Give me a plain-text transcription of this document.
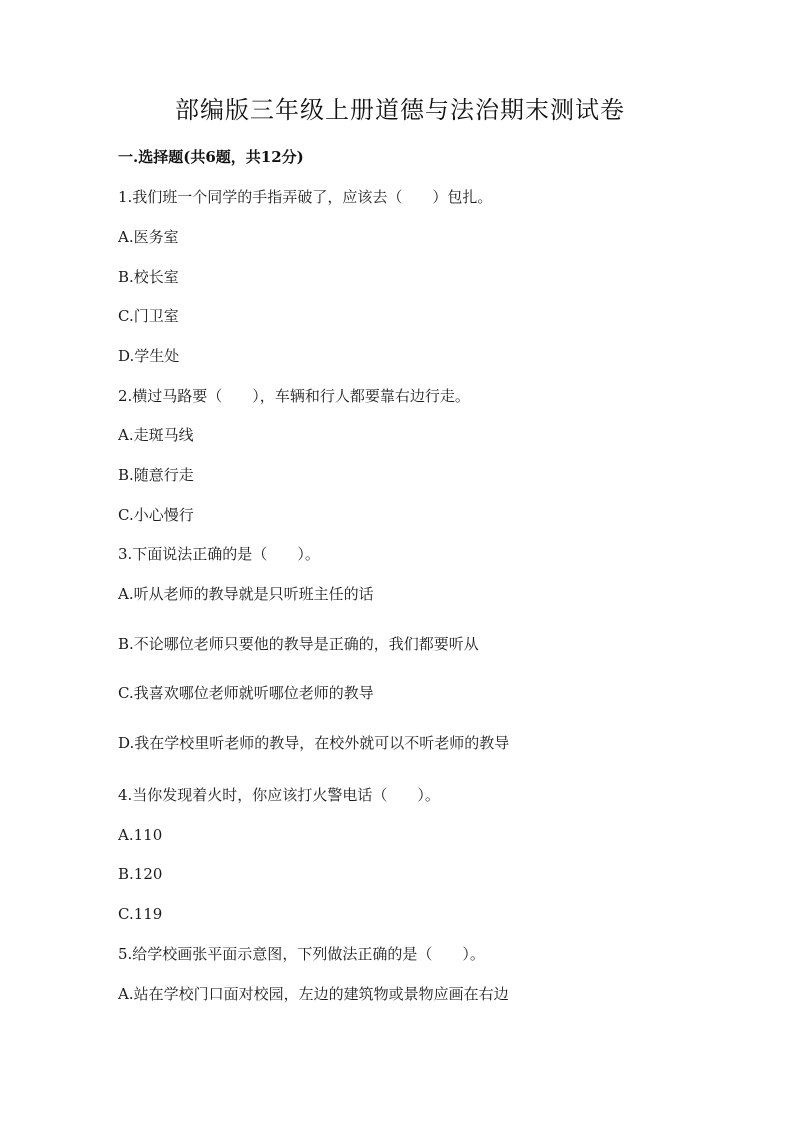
部编版三年级上册道德与法治期末测试卷
一.选择题(共6题，共12分)
1.我们班一个同学的手指弄破了，应该去（　　）包扎。
A.医务室
B.校长室
C.门卫室
D.学生处
2.横过马路要（　　），车辆和行人都要靠右边行走。
A.走斑马线
B.随意行走
C.小心慢行
3.下面说法正确的是（　　）。
A.听从老师的教导就是只听班主任的话
B.不论哪位老师只要他的教导是正确的，我们都要听从
C.我喜欢哪位老师就听哪位老师的教导
D.我在学校里听老师的教导，在校外就可以不听老师的教导
4.当你发现着火时，你应该打火警电话（　　）。
A.110
B.120
C.119
5.给学校画张平面示意图，下列做法正确的是（　　）。
A.站在学校门口面对校园，左边的建筑物或景物应画在右边
